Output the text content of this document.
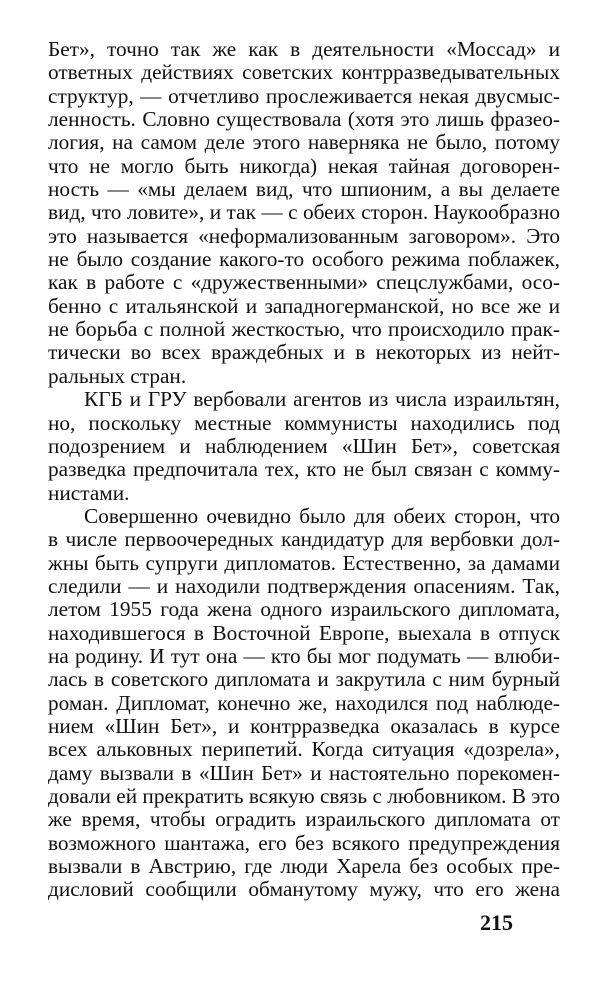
Бет», точно так же как в деятельности «Моссад» и
ответных действиях советских контрразведывательных
структур, — отчетливо прослеживается некая двусмыс-
ленность. Словно существовала (хотя это лишь фразео-
логия, на самом деле этого наверняка не было, потому
что не могло быть никогда) некая тайная договорен-
ность — «мы делаем вид, что шпионим, а вы делаете
вид, что ловите», и так — с обеих сторон. Наукообразно
это называется «неформализованным заговором». Это
не было создание какого-то особого режима поблажек,
как в работе с «дружественными» спецслужбами, осо-
бенно с итальянской и западногерманской, но все же и
не борьба с полной жесткостью, что происходило прак-
тически во всех враждебных и в некоторых из нейт-
ральных стран.
КГБ и ГРУ вербовали агентов из числа израильтян,
но, поскольку местные коммунисты находились под
подозрением и наблюдением «Шин Бет», советская
разведка предпочитала тех, кто не был связан с комму-
нистами.
Совершенно очевидно было для обеих сторон, что
в числе первоочередных кандидатур для вербовки дол-
жны быть супруги дипломатов. Естественно, за дамами
следили — и находили подтверждения опасениям. Так,
летом 1955 года жена одного израильского дипломата,
находившегося в Восточной Европе, выехала в отпуск
на родину. И тут она — кто бы мог подумать — влюби-
лась в советского дипломата и закрутила с ним бурный
роман. Дипломат, конечно же, находился под наблюде-
нием «Шин Бет», и контрразведка оказалась в курсе
всех альковных перипетий. Когда ситуация «дозрела»,
даму вызвали в «Шин Бет» и настоятельно порекомен-
довали ей прекратить всякую связь с любовником. В это
же время, чтобы оградить израильского дипломата от
возможного шантажа, его без всякого предупреждения
вызвали в Австрию, где люди Харела без особых пре-
дисловий сообщили обманутому мужу, что его жена
215
